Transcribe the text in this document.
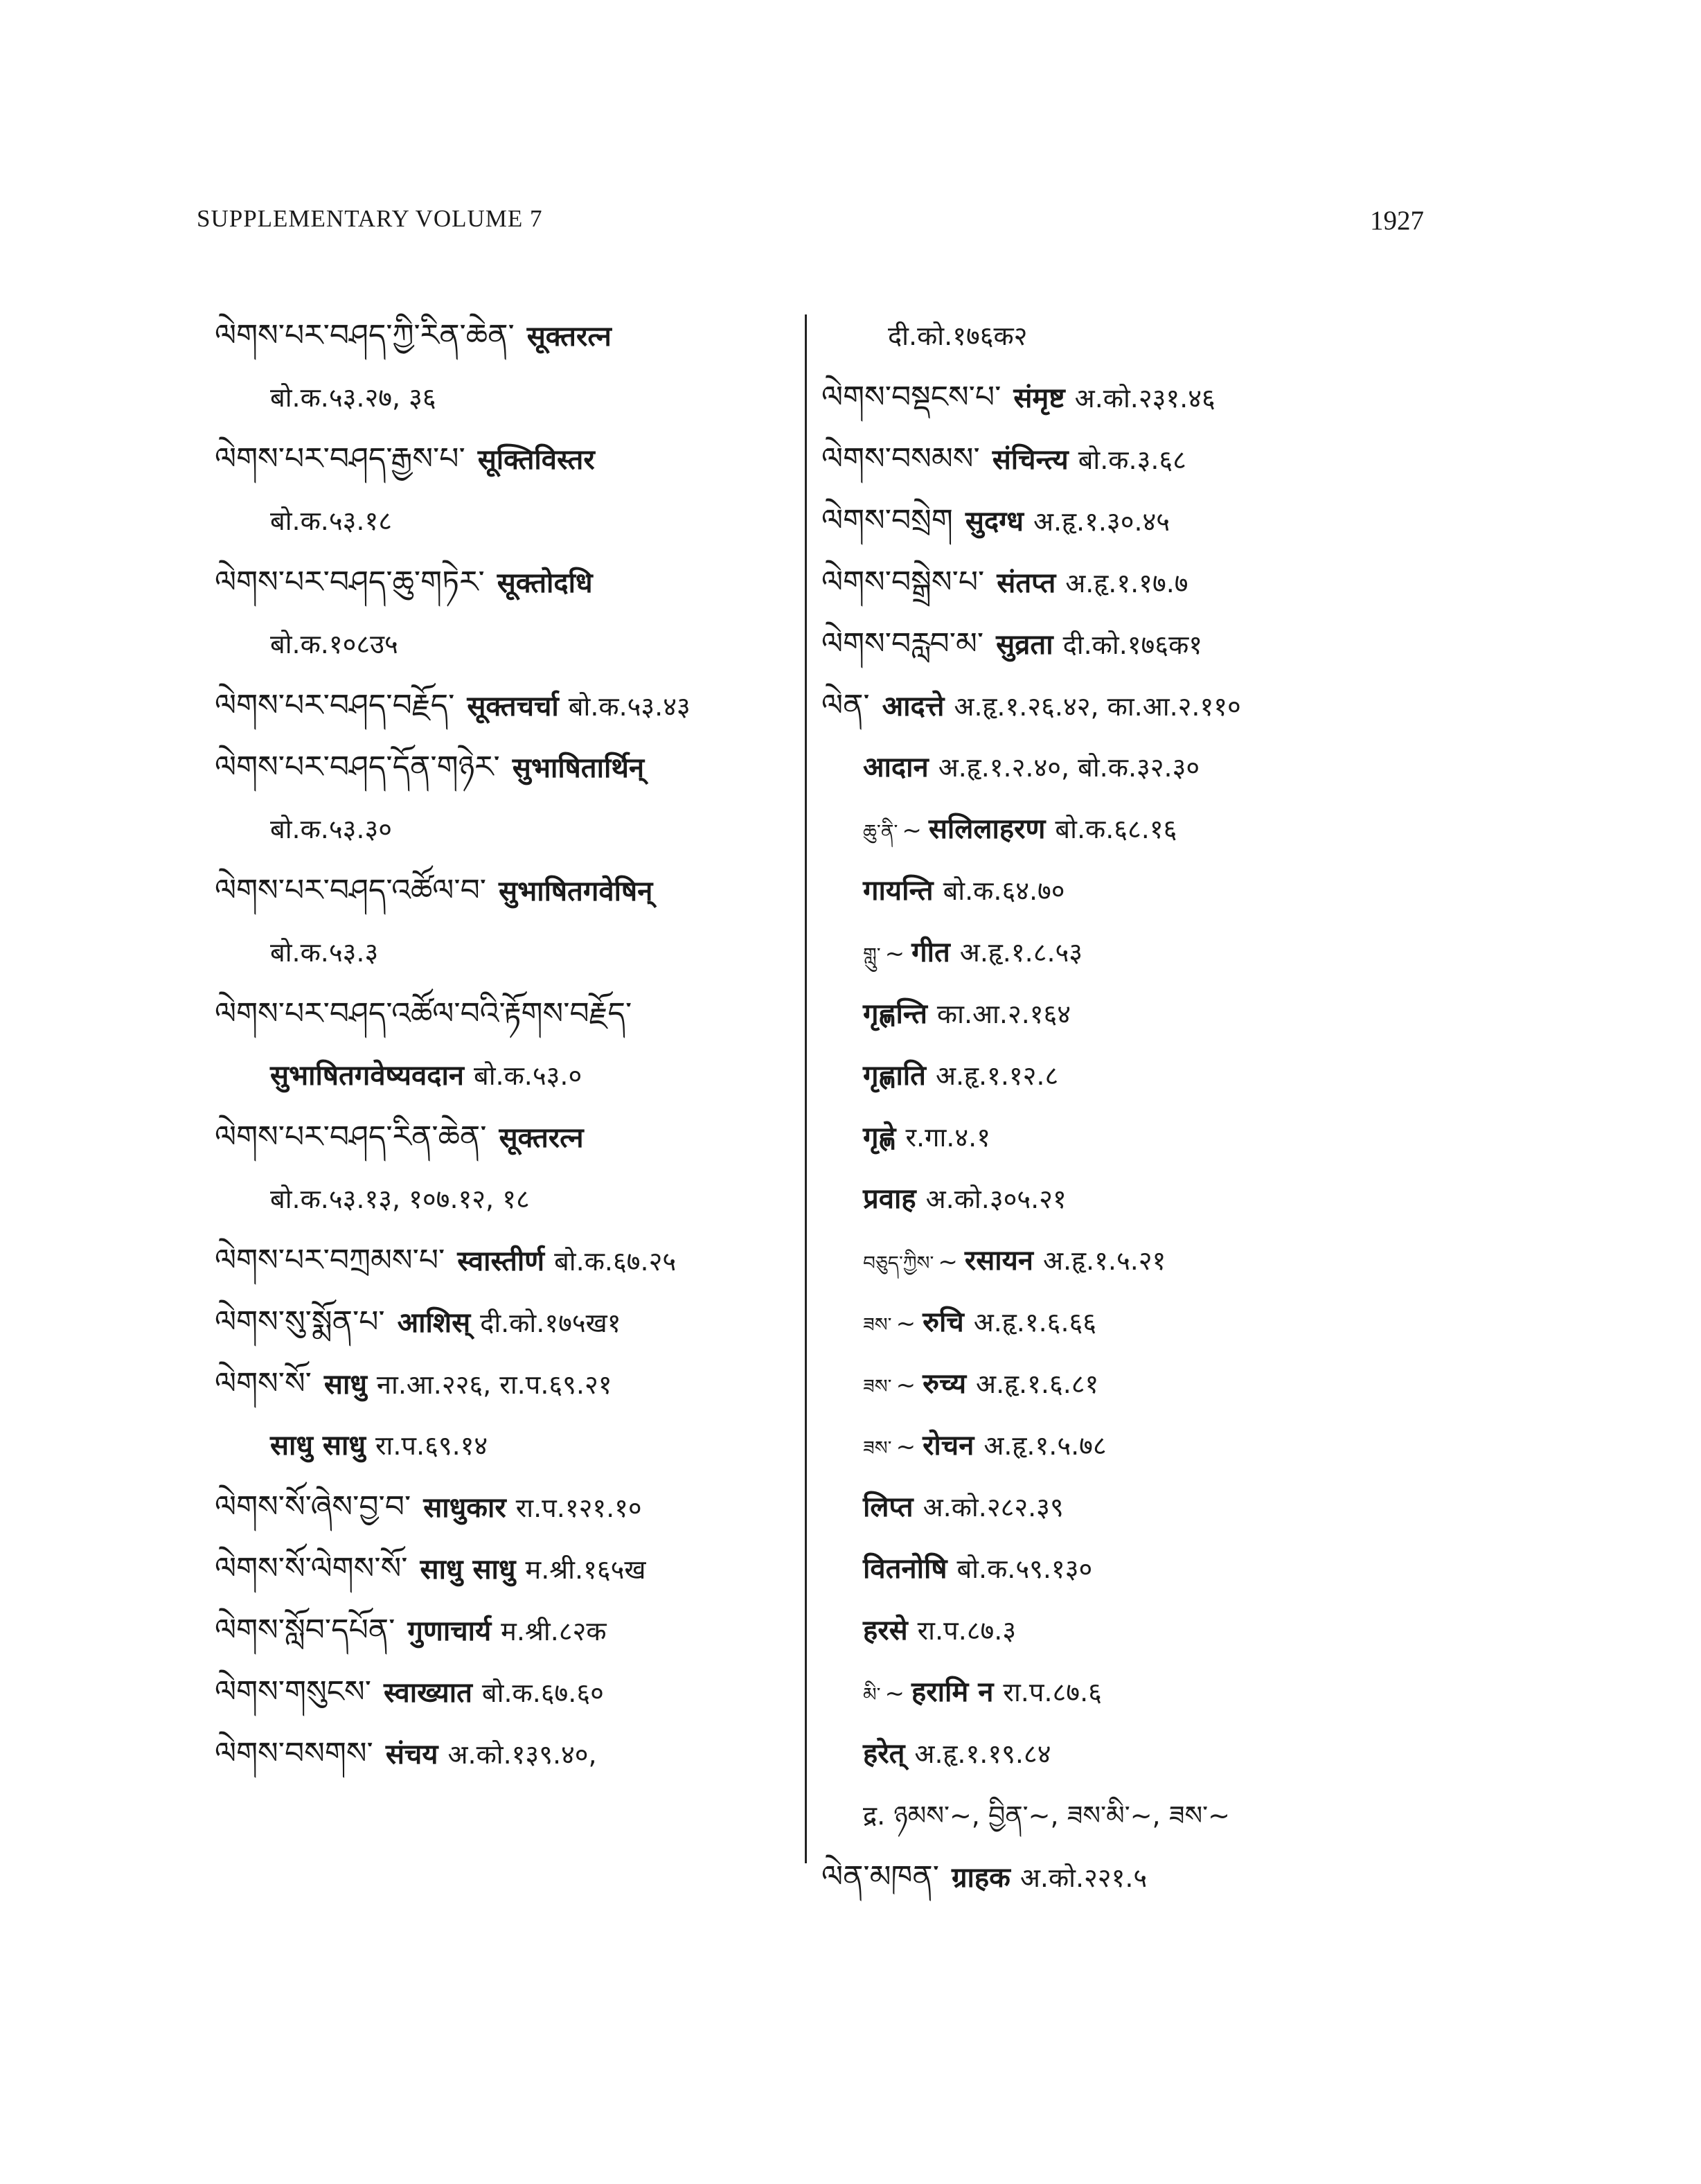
SUPPLEMENTARY VOLUME 7	1927
ལེགས་པར་བཤད་ཀྱི་རིན་ཆེན་ सूक्तरत्न
बो.क.५३.२७, ३६
ལེགས་པར་བཤད་རྒྱས་པ་ सूक्तिविस्तर
बो.क.५३.१८
ལེགས་པར་བཤད་ཆུ་གཏེར་ सूक्तोदधि
बो.क.१०८उ५
ལེགས་པར་བཤད་བརྗོད་ सूक्तचर्चा बो.क.५३.४३
ལེགས་པར་བཤད་དོན་གཉེར་ सुभाषितार्थिन्
बो.क.५३.३०
ལེགས་པར་བཤད་འཚོལ་བ་ सुभाषितगवेषिन्
बो.क.५३.३
ལེགས་པར་བཤད་འཚོལ་བའི་རྟོགས་བརྗོད་
सुभाषितगवेष्यवदान बो.क.५३.०
ལེགས་པར་བཤད་རིན་ཆེན་ सूक्तरत्न
बो.क.५३.१३, १०७.१२, १८
ལེགས་པར་བཀྲམས་པ་ स्वास्तीर्ण बो.क.६७.२५
ལེགས་སུ་སྨོན་པ་ आशिस् दी.को.१७५ख१
ལེགས་སོ་ साधु ना.आ.२२६, रा.प.६९.२१
साधु साधु रा.प.६९.१४
ལེགས་སོ་ཞེས་བྱ་བ་ साधुकार रा.प.१२१.१०
ལེགས་སོ་ལེགས་སོ་ साधु साधु म.श्री.१६५ख
ལེགས་སློབ་དཔོན་ गुणाचार्य म.श्री.८२क
ལེགས་གསུངས་ स्वाख्यात बो.क.६७.६०
ལེགས་བསགས་ संचय अ.को.१३९.४०,
दी.को.१७६क२
ལེགས་བསྡངས་པ་ संमृष्ट अ.को.२३१.४६
ལེགས་བསམས་ संचिन्त्य बो.क.३.६८
ལེགས་བསྲེག सुदग्ध अ.हृ.१.३०.४५
ལེགས་བསྒྲེས་པ་ संतप्त अ.हृ.१.१७.७
ལེགས་བརླབ་མ་ सुव्रता दी.को.१७६क१
ལེན་ आदत्ते अ.हृ.१.२६.४२, का.आ.२.११०
आदान अ.हृ.१.२.४०, बो.क.३२.३०
ཆུ་ནི་ ~ सलिलाहरण बो.क.६८.१६
गायन्ति बो.क.६४.७०
གླུ་ ~ गीत अ.हृ.१.८.५३
गृह्णन्ति का.आ.२.१६४
गृह्णाति अ.हृ.१.१२.८
गृह्णे र.गा.४.१
प्रवाह अ.को.३०५.२१
བཅུད་ཀྱིས་ ~ रसायन अ.हृ.१.५.२१
ཟས་ ~ रुचि अ.हृ.१.६.६६
ཟས་ ~ रुच्य अ.हृ.१.६.८१
ཟས་ ~ रोचन अ.हृ.१.५.७८
लिप्त अ.को.२८२.३९
वितनोषि बो.क.५९.१३०
हरसे रा.प.८७.३
མི་ ~ हरामि न रा.प.८७.६
हरेत् अ.हृ.१.१९.८४
द्र. ཉམས་~, བྱིན་~, ཟས་མི་~, ཟས་~
ལེན་མཁན་ ग्राहक अ.को.२२१.५
